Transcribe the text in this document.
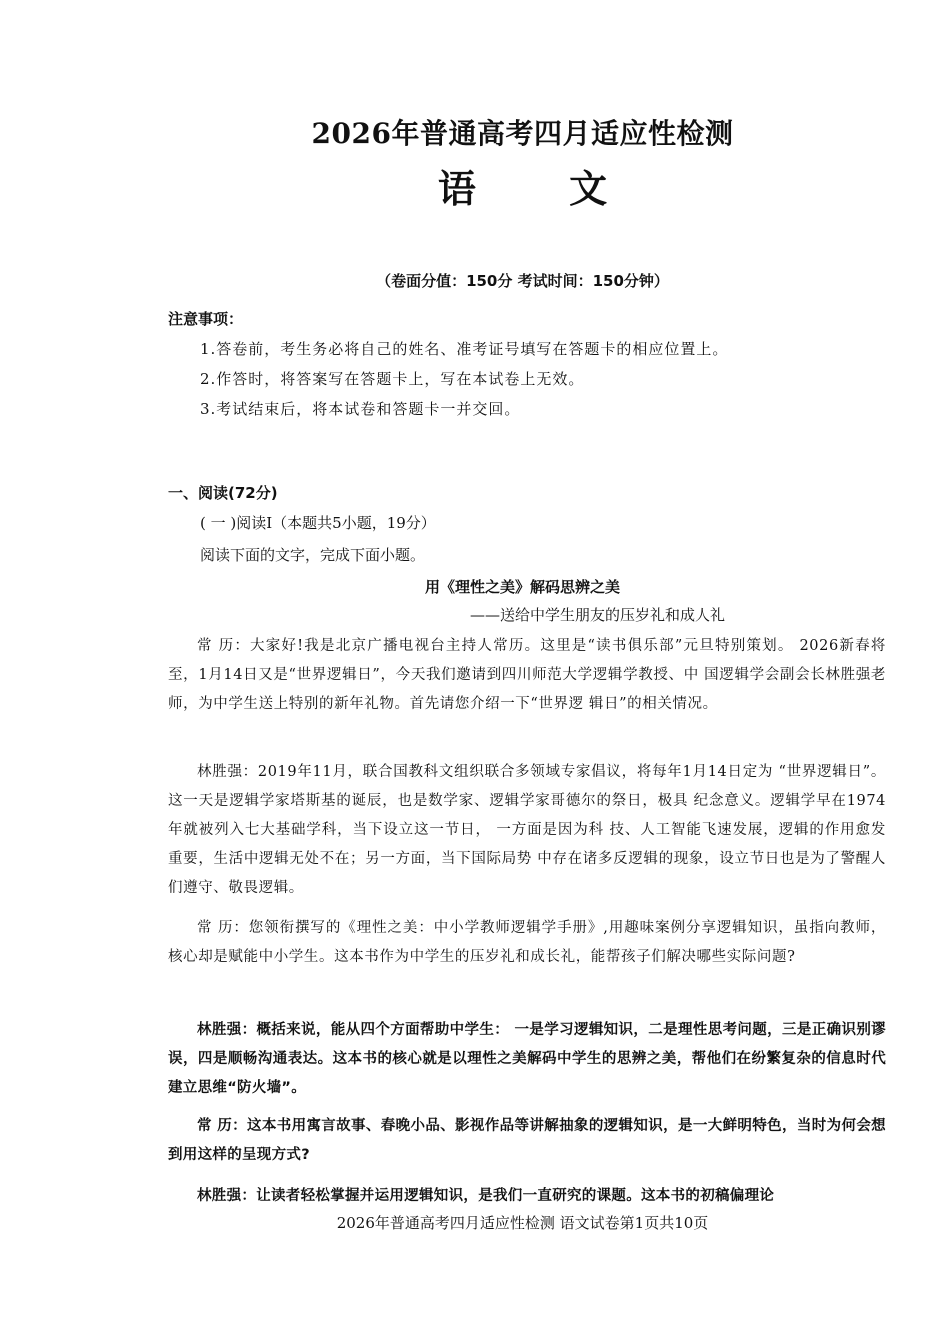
2026年普通高考四月适应性检测
语 文
（卷面分值：150分 考试时间：150分钟）
注意事项：
1.答卷前，考生务必将自己的姓名、准考证号填写在答题卡的相应位置上。
2.作答时，将答案写在答题卡上，写在本试卷上无效。
3.考试结束后，将本试卷和答题卡一并交回。
一、阅读(72分)
( 一 )阅读Ⅰ（本题共5小题，19分）
阅读下面的文字，完成下面小题。
用《理性之美》解码思辨之美
——送给中学生朋友的压岁礼和成人礼
常 历：大家好!我是北京广播电视台主持人常历。这里是“读书俱乐部”元旦特别策划。 2026新春将至，1月14日又是“世界逻辑日”，今天我们邀请到四川师范大学逻辑学教授、中 国逻辑学会副会长林胜强老师，为中学生送上特别的新年礼物。首先请您介绍一下“世界逻 辑日”的相关情况。
林胜强：2019年11月，联合国教科文组织联合多领域专家倡议，将每年1月14日定为 “世界逻辑日”。这一天是逻辑学家塔斯基的诞辰，也是数学家、逻辑学家哥德尔的祭日，极具 纪念意义。逻辑学早在1974年就被列入七大基础学科，当下设立这一节日， 一方面是因为科 技、人工智能飞速发展，逻辑的作用愈发重要，生活中逻辑无处不在；另一方面，当下国际局势 中存在诸多反逻辑的现象，设立节日也是为了警醒人们遵守、敬畏逻辑。
常 历：您领衔撰写的《理性之美：中小学教师逻辑学手册》,用趣味案例分享逻辑知识，虽指向教师，核心却是赋能中小学生。这本书作为中学生的压岁礼和成长礼，能帮孩子们解决哪些实际问题?
林胜强：概括来说，能从四个方面帮助中学生： 一是学习逻辑知识，二是理性思考问题，三是正确识别谬误，四是顺畅沟通表达。这本书的核心就是以理性之美解码中学生的思辨之美，帮他们在纷繁复杂的信息时代建立思维“防火墙”。
常 历：这本书用寓言故事、春晚小品、影视作品等讲解抽象的逻辑知识，是一大鲜明特色，当时为何会想到用这样的呈现方式?
林胜强：让读者轻松掌握并运用逻辑知识，是我们一直研究的课题。这本书的初稿偏理论
2026年普通高考四月适应性检测 语文试卷第1页共10页
